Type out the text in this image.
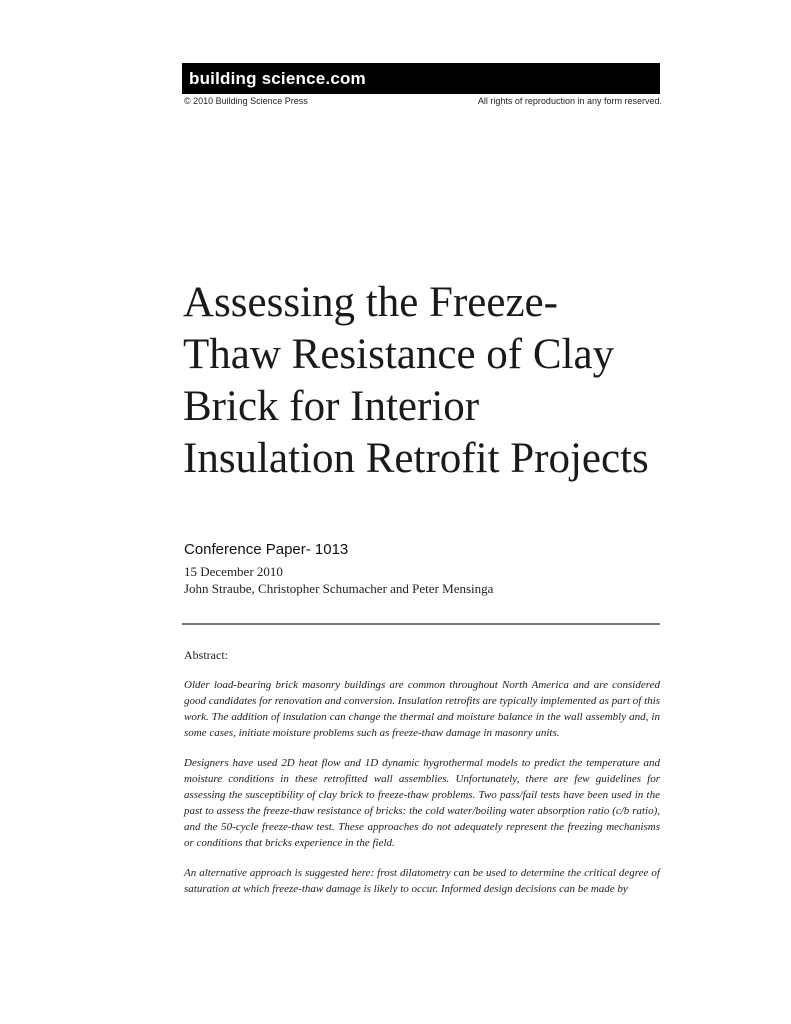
building science.com
© 2010 Building Science Press	All rights of reproduction in any form reserved.
Assessing the Freeze-Thaw Resistance of Clay Brick for Interior Insulation Retrofit Projects
Conference Paper- 1013
15 December 2010
John Straube, Christopher Schumacher and Peter Mensinga
Abstract:

Older load-bearing brick masonry buildings are common throughout North America and are considered good candidates for renovation and conversion. Insulation retrofits are typically implemented as part of this work. The addition of insulation can change the thermal and moisture balance in the wall assembly and, in some cases, initiate moisture problems such as freeze-thaw damage in masonry units.

Designers have used 2D heat flow and 1D dynamic hygrothermal models to predict the temperature and moisture conditions in these retrofitted wall assemblies. Unfortunately, there are few guidelines for assessing the susceptibility of clay brick to freeze-thaw problems. Two pass/fail tests have been used in the past to assess the freeze-thaw resistance of bricks: the cold water/boiling water absorption ratio (c/b ratio), and the 50-cycle freeze-thaw test. These approaches do not adequately represent the freezing mechanisms or conditions that bricks experience in the field.

An alternative approach is suggested here: frost dilatometry can be used to determine the critical degree of saturation at which freeze-thaw damage is likely to occur. Informed design decisions can be made by
